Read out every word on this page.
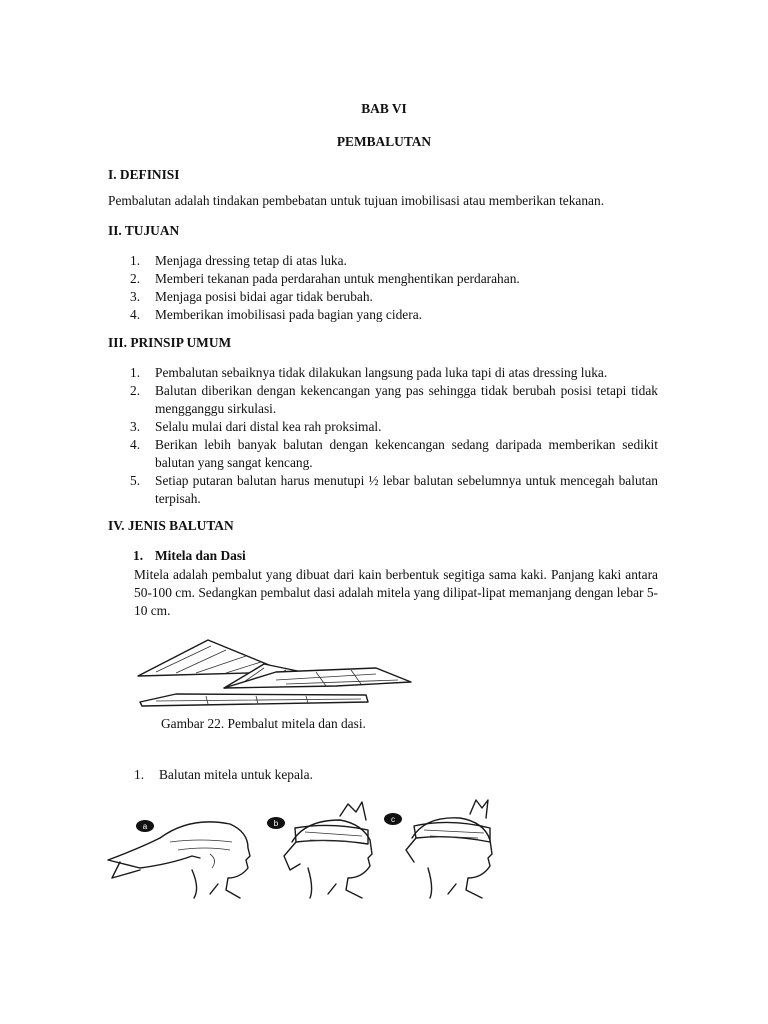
BAB VI
PEMBALUTAN
I. DEFINISI
Pembalutan adalah tindakan pembebatan untuk tujuan imobilisasi atau memberikan tekanan.
II. TUJUAN
1. Menjaga dressing tetap di atas luka.
2. Memberi tekanan pada perdarahan untuk menghentikan perdarahan.
3. Menjaga posisi bidai agar tidak berubah.
4. Memberikan imobilisasi pada bagian yang cidera.
III. PRINSIP UMUM
1. Pembalutan sebaiknya tidak dilakukan langsung pada luka tapi di atas dressing luka.
2. Balutan diberikan dengan kekencangan yang pas sehingga tidak berubah posisi tetapi tidak mengganggu sirkulasi.
3. Selalu mulai dari distal kea rah proksimal.
4. Berikan lebih banyak balutan dengan kekencangan sedang daripada memberikan sedikit balutan yang sangat kencang.
5. Setiap putaran balutan harus menutupi ½ lebar balutan sebelumnya untuk mencegah balutan terpisah.
IV. JENIS BALUTAN
1. Mitela dan Dasi
Mitela adalah pembalut yang dibuat dari kain berbentuk segitiga sama kaki. Panjang kaki antara 50-100 cm. Sedangkan pembalut dasi adalah mitela yang dilipat-lipat memanjang dengan lebar 5-10 cm.
Gambar 22. Pembalut mitela dan dasi.
1. Balutan mitela untuk kepala.
a	b	c
